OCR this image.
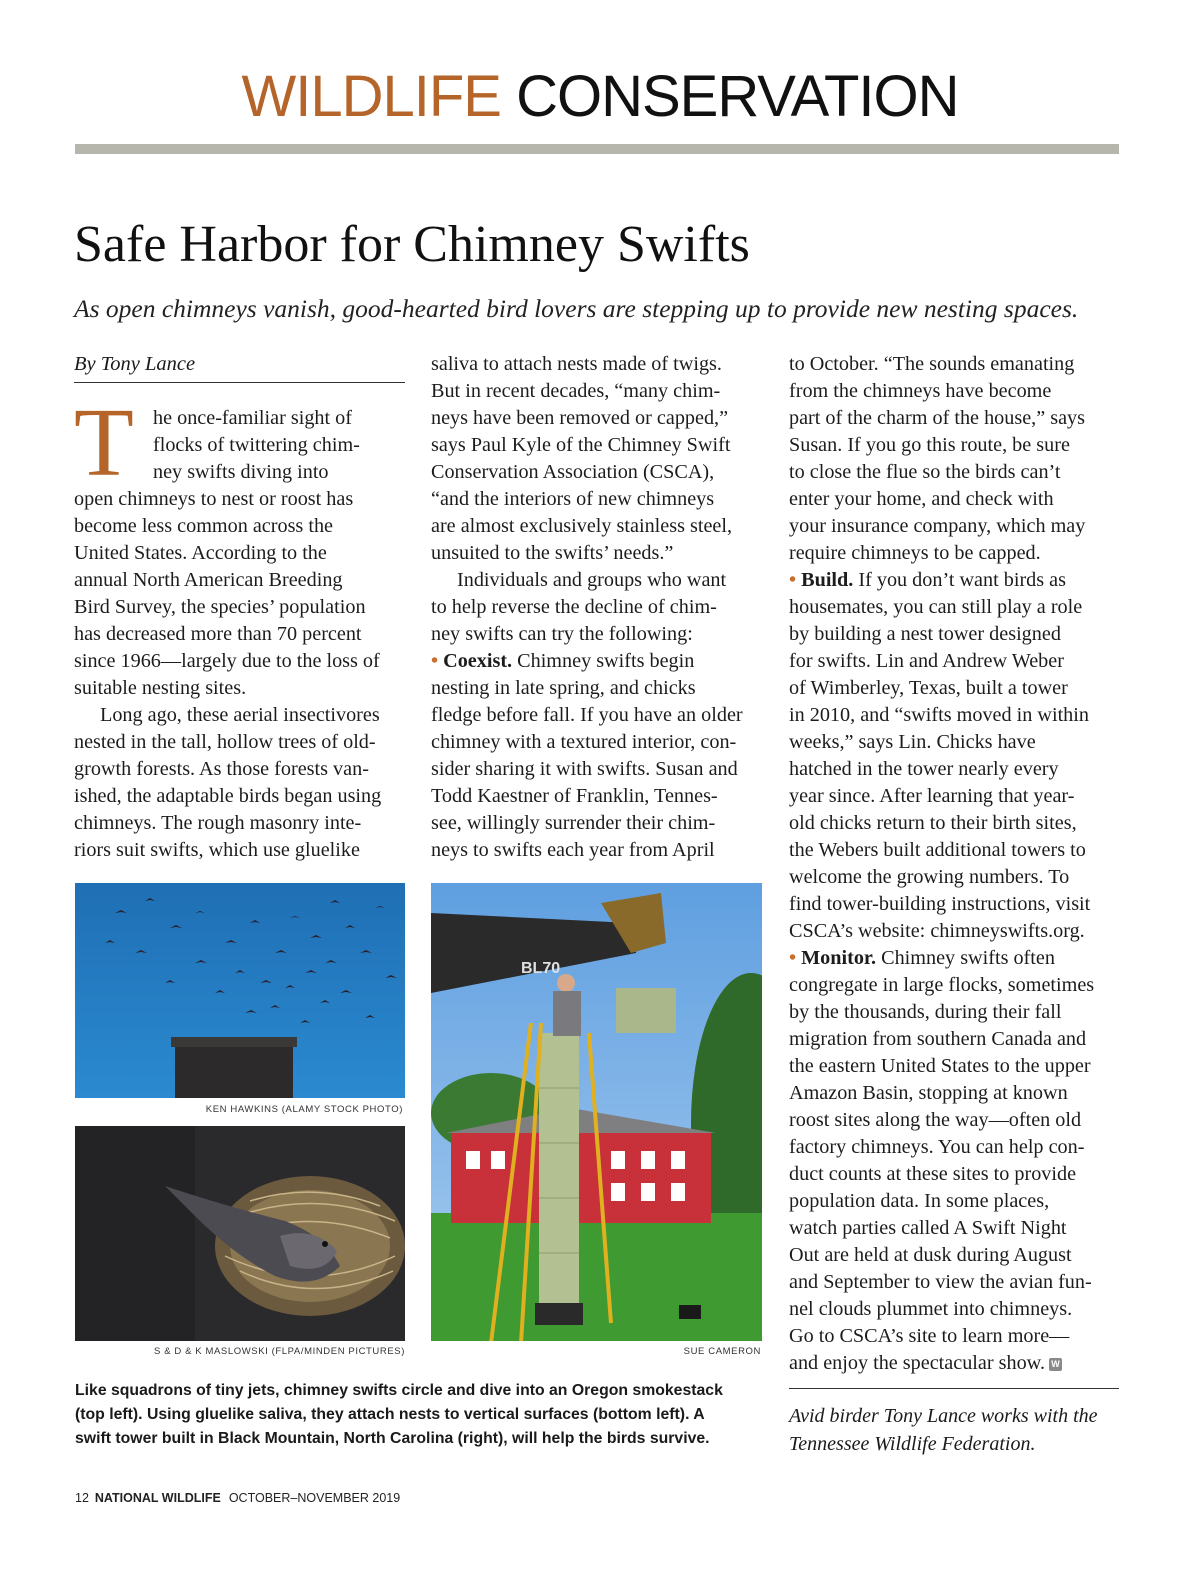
WILDLIFE CONSERVATION
Safe Harbor for Chimney Swifts
As open chimneys vanish, good-hearted bird lovers are stepping up to provide new nesting spaces.
By Tony Lance
T he once-familiar sight of
flocks of twittering chim-
ney swifts diving into
open chimneys to nest or roost has
become less common across the
United States. According to the
annual North American Breeding
Bird Survey, the species’ population
has decreased more than 70 percent
since 1966—largely due to the loss of
suitable nesting sites.
Long ago, these aerial insectivores
nested in the tall, hollow trees of old-
growth forests. As those forests van-
ished, the adaptable birds began using
chimneys. The rough masonry inte-
riors suit swifts, which use gluelike
saliva to attach nests made of twigs.
But in recent decades, “many chim-
neys have been removed or capped,”
says Paul Kyle of the Chimney Swift
Conservation Association (CSCA),
“and the interiors of new chimneys
are almost exclusively stainless steel,
unsuited to the swifts’ needs.”
Individuals and groups who want
to help reverse the decline of chim-
ney swifts can try the following:
• Coexist. Chimney swifts begin
nesting in late spring, and chicks
fledge before fall. If you have an older
chimney with a textured interior, con-
sider sharing it with swifts. Susan and
Todd Kaestner of Franklin, Tennes-
see, willingly surrender their chim-
neys to swifts each year from April
to October. “The sounds emanating
from the chimneys have become
part of the charm of the house,” says
Susan. If you go this route, be sure
to close the flue so the birds can’t
enter your home, and check with
your insurance company, which may
require chimneys to be capped.
• Build. If you don’t want birds as
housemates, you can still play a role
by building a nest tower designed
for swifts. Lin and Andrew Weber
of Wimberley, Texas, built a tower
in 2010, and “swifts moved in within
weeks,” says Lin. Chicks have
hatched in the tower nearly every
year since. After learning that year-
old chicks return to their birth sites,
the Webers built additional towers to
welcome the growing numbers. To
find tower-building instructions, visit
CSCA’s website: chimneyswifts.org.
• Monitor. Chimney swifts often
congregate in large flocks, sometimes
by the thousands, during their fall
migration from southern Canada and
the eastern United States to the upper
Amazon Basin, stopping at known
roost sites along the way—often old
factory chimneys. You can help con-
duct counts at these sites to provide
population data. In some places,
watch parties called A Swift Night
Out are held at dusk during August
and September to view the avian fun-
nel clouds plummet into chimneys.
Go to CSCA’s site to learn more—
and enjoy the spectacular show. W
KEN HAWKINS (ALAMY STOCK PHOTO)
S & D & K MASLOWSKI (FLPA/MINDEN PICTURES)
BL70
SUE CAMERON
Like squadrons of tiny jets, chimney swifts circle and dive into an Oregon smokestack
(top left). Using gluelike saliva, they attach nests to vertical surfaces (bottom left). A
swift tower built in Black Mountain, North Carolina (right), will help the birds survive.
Avid birder Tony Lance works with the
Tennessee Wildlife Federation.
12 NATIONAL WILDLIFE OCTOBER–NOVEMBER 2019
